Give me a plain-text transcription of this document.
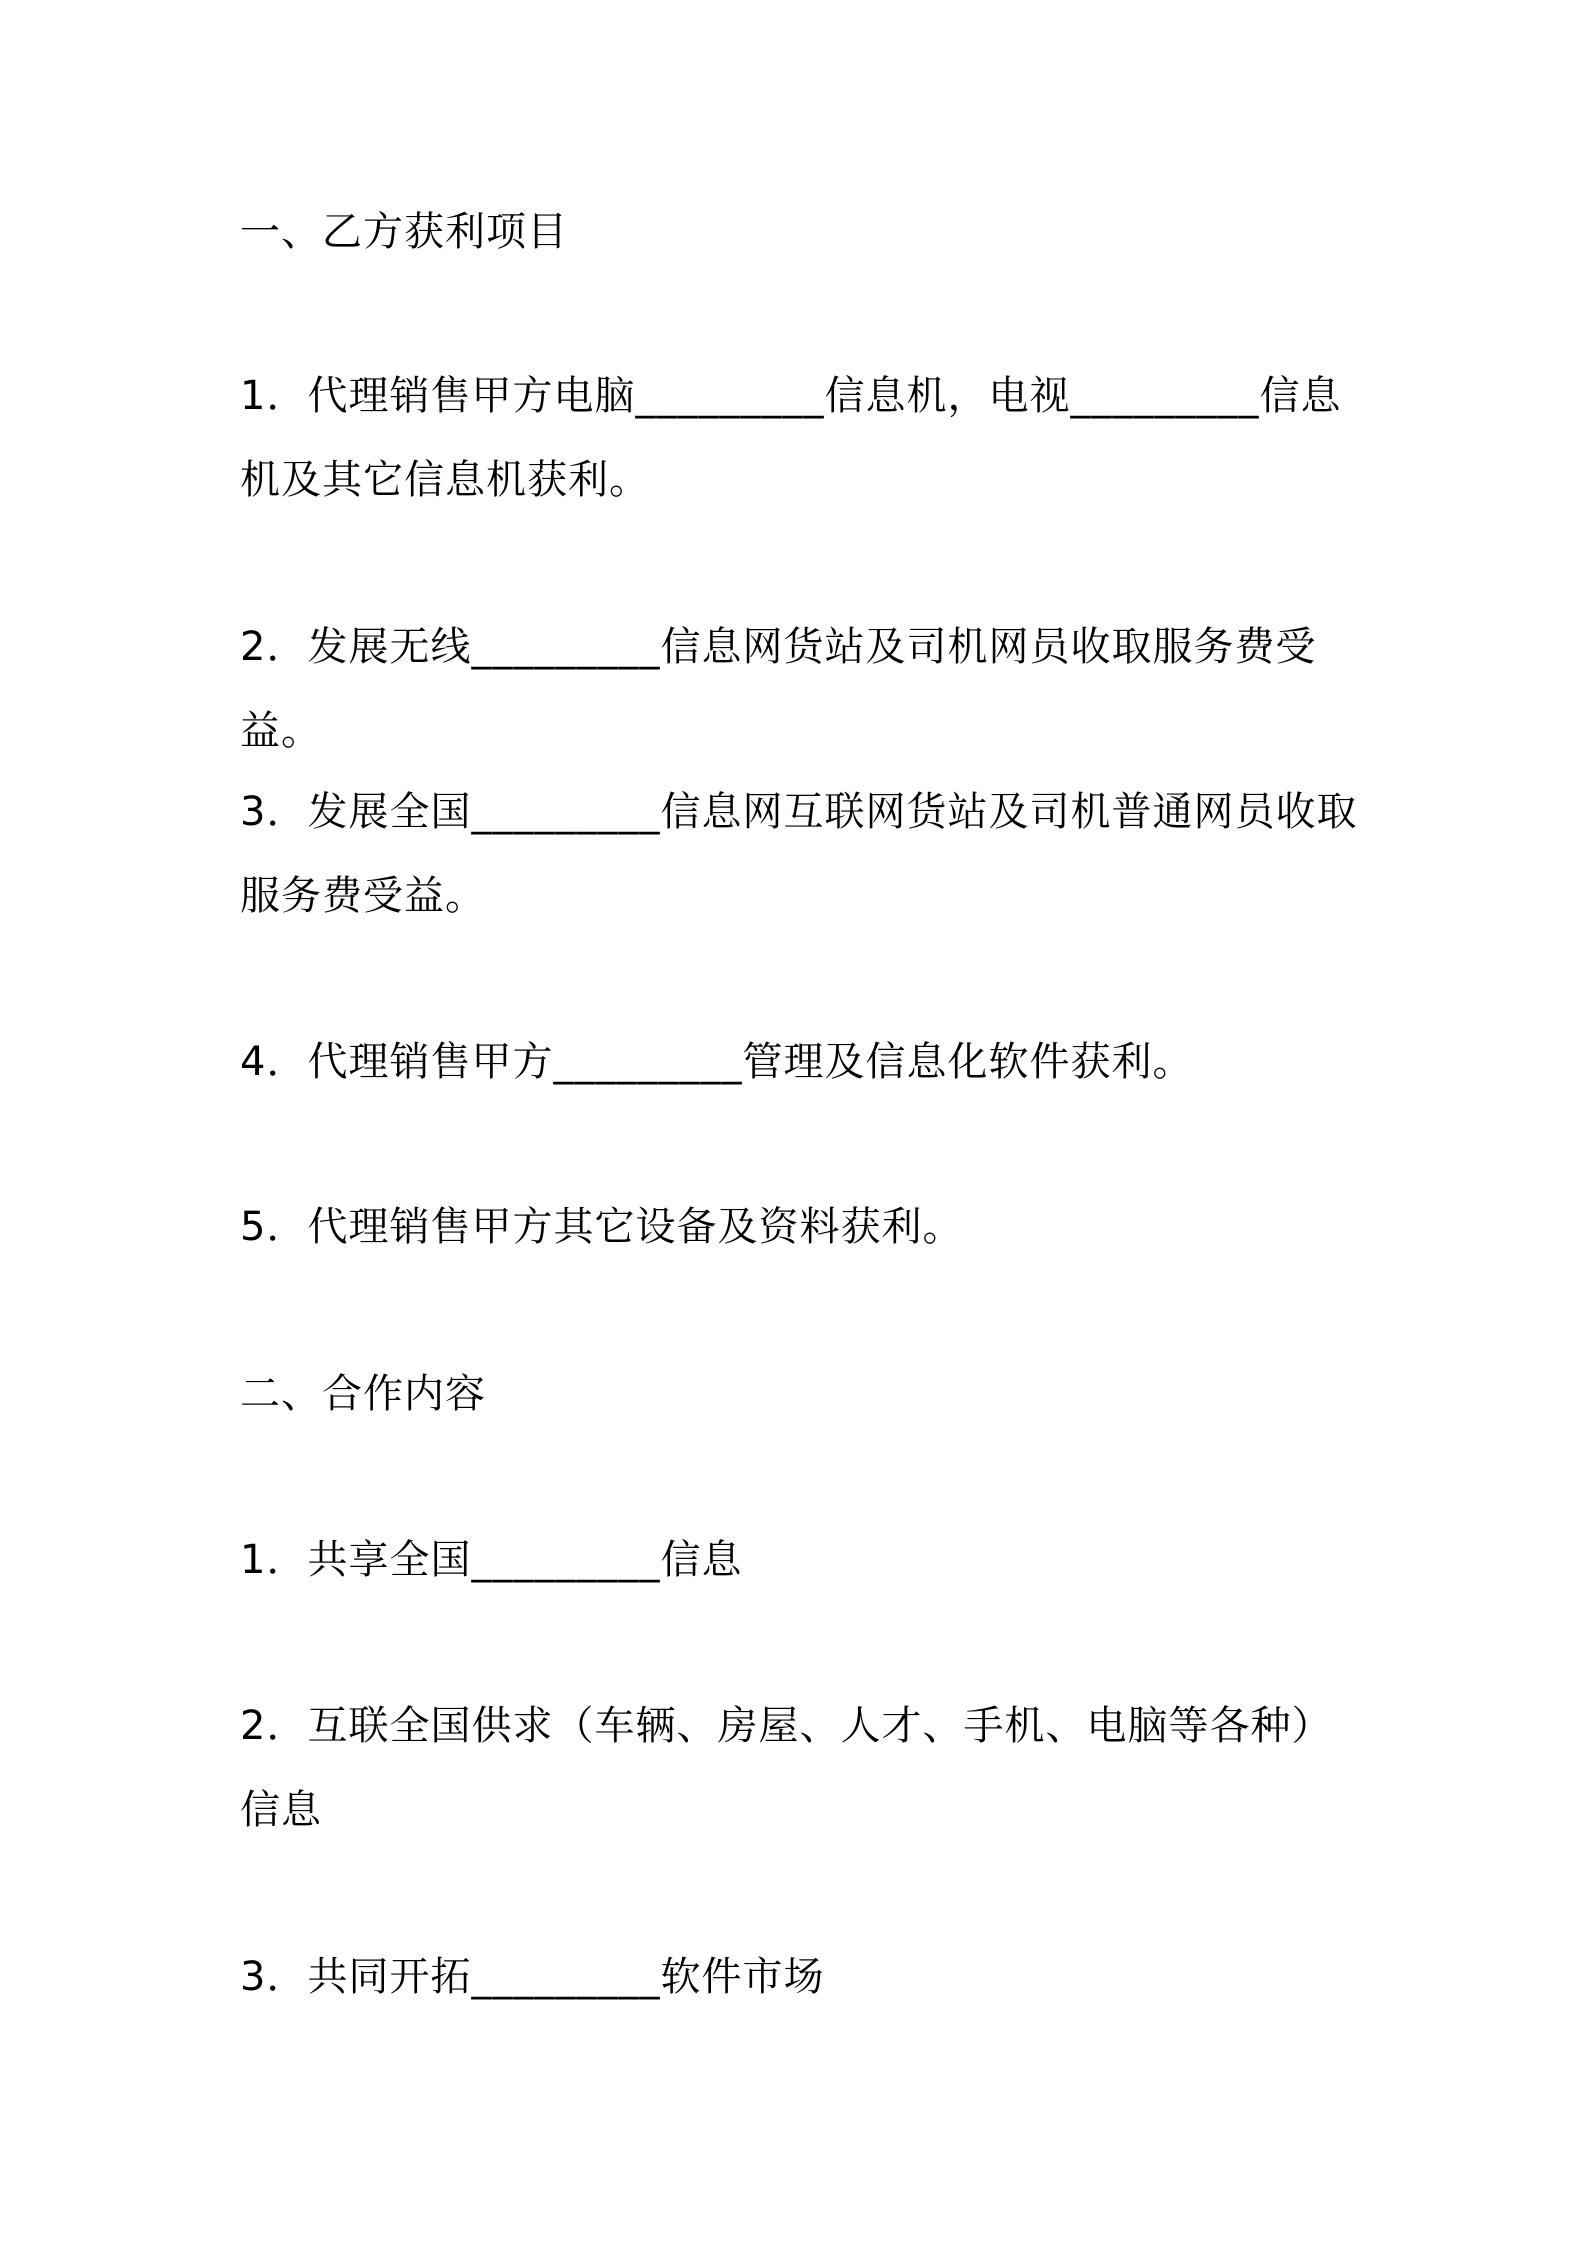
一、乙方获利项目

1．代理销售甲方电脑_________信息机，电视_________信息机及其它信息机获利。

2．发展无线_________信息网货站及司机网员收取服务费受益。

3．发展全国_________信息网互联网货站及司机普通网员收取服务费受益。

4．代理销售甲方_________管理及信息化软件获利。

5．代理销售甲方其它设备及资料获利。

二、合作内容

1．共享全国_________信息

2．互联全国供求（车辆、房屋、人才、手机、电脑等各种）信息

3．共同开拓_________软件市场
